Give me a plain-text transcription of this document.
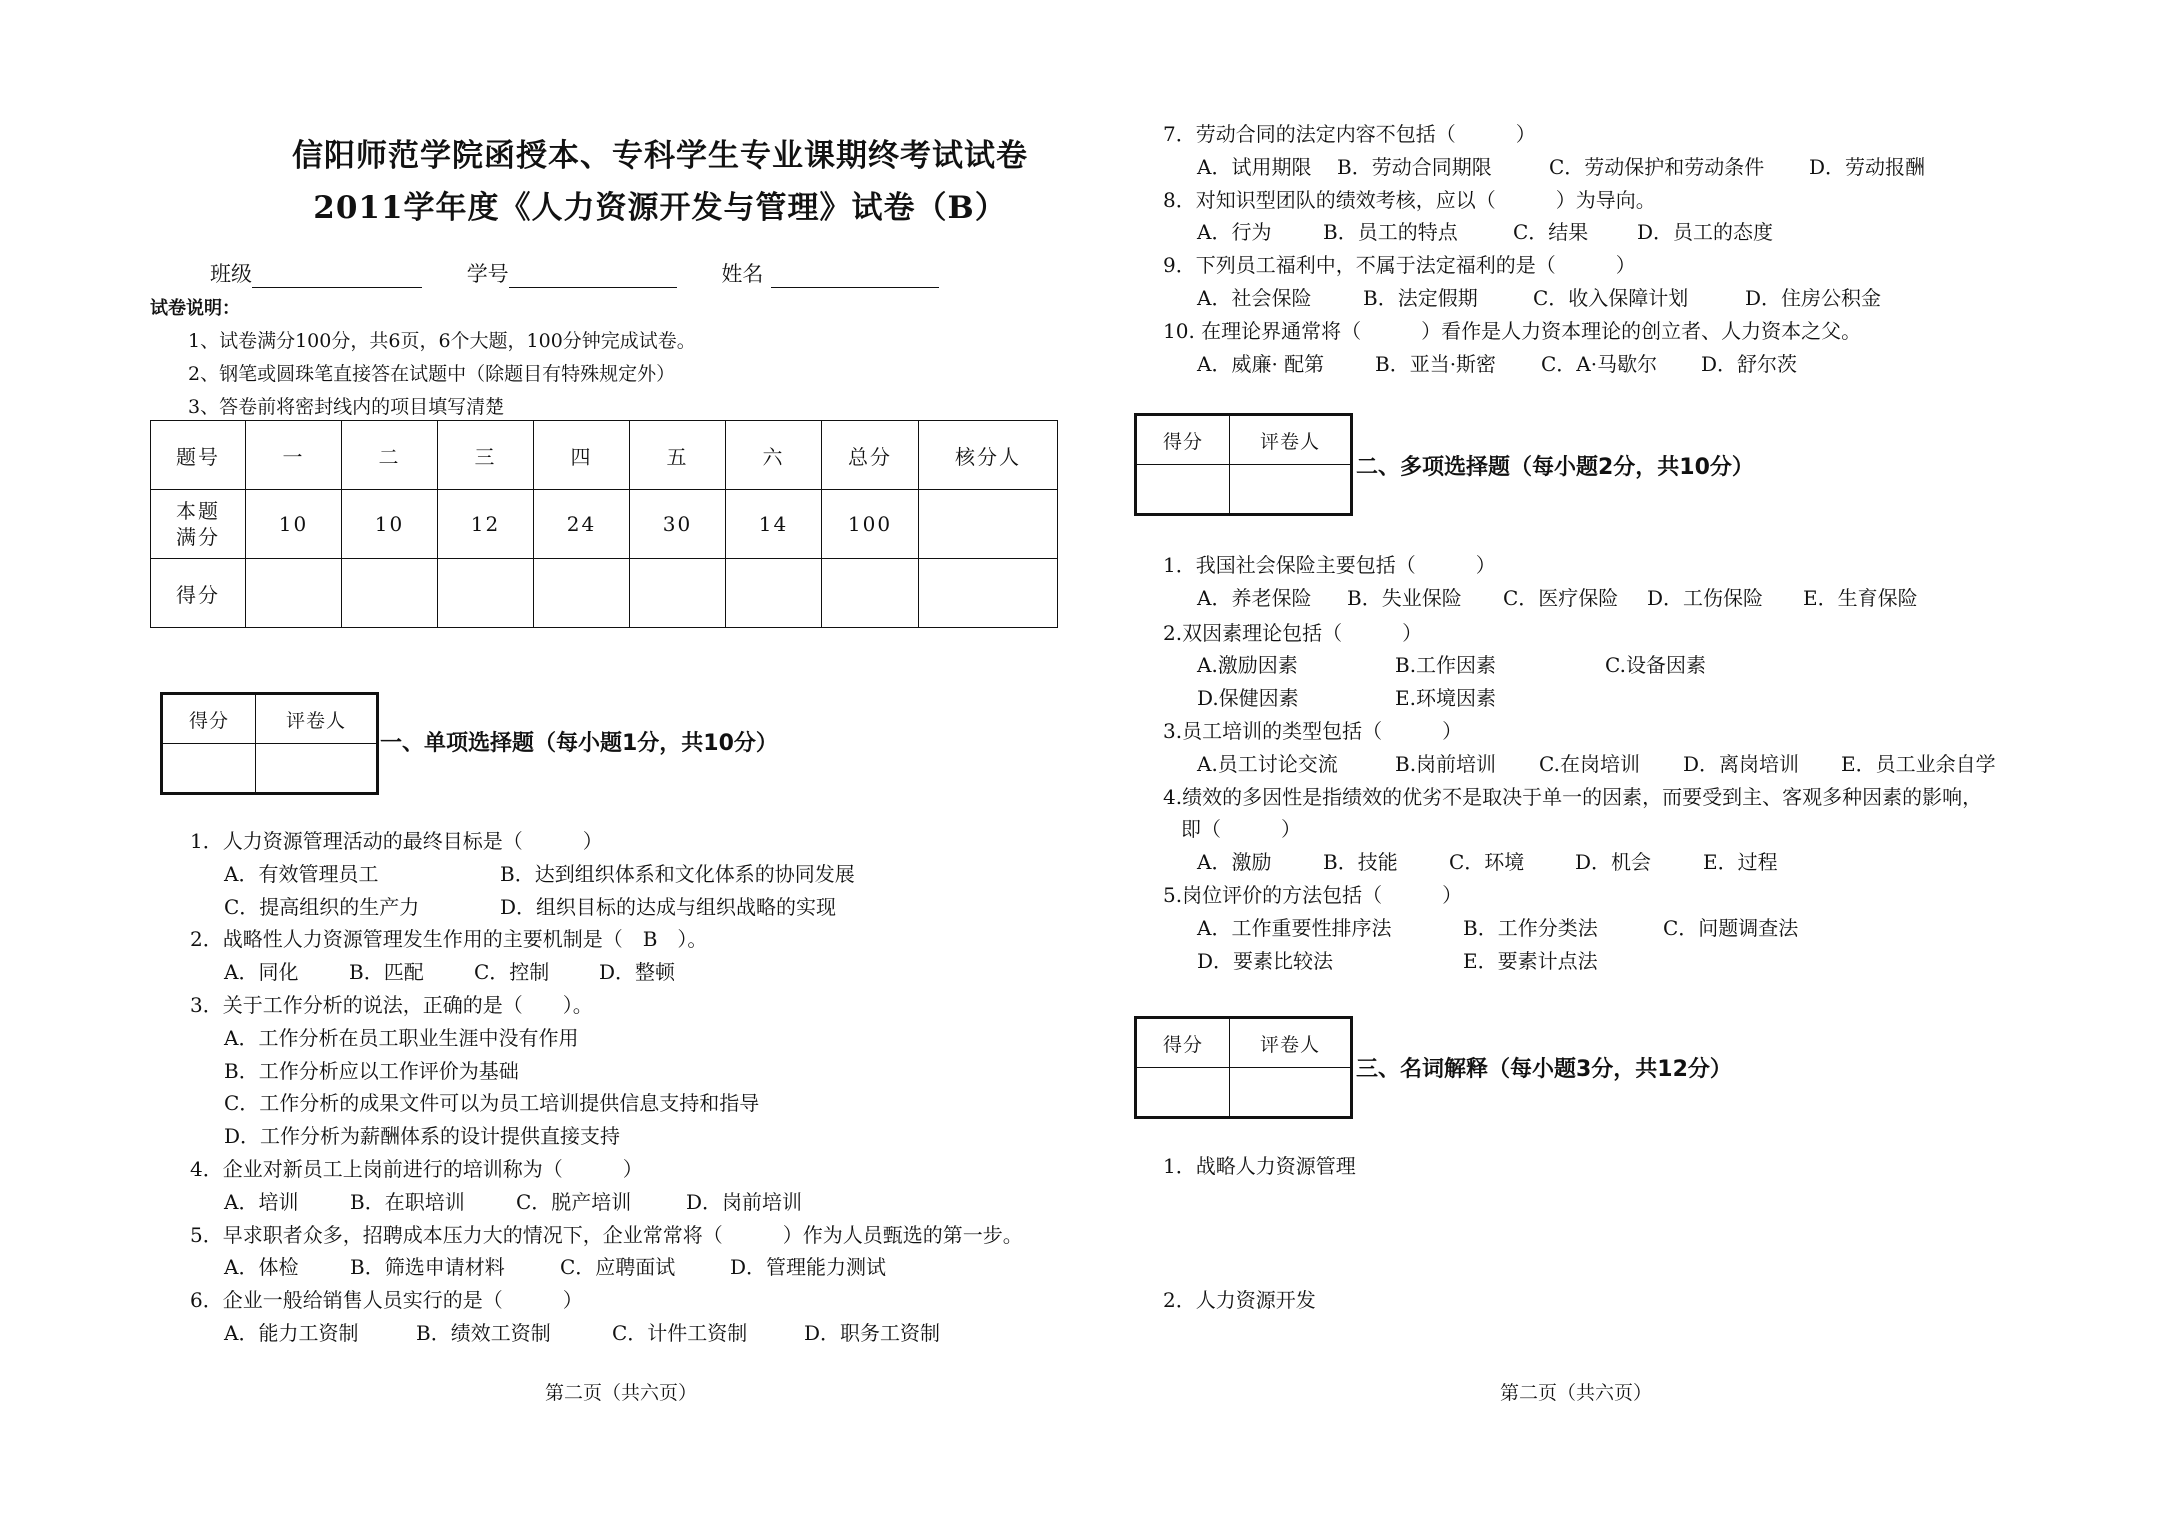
信阳师范学院函授本、专科学生专业课期终考试试卷
2011学年度《人力资源开发与管理》试卷（B）
班级	学号	姓名
试卷说明：
1、试卷满分100分，共6页，6个大题，100分钟完成试卷。
2、钢笔或圆珠笔直接答在试题中（除题目有特殊规定外）
3、答卷前将密封线内的项目填写清楚
题号	一	二	三	四	五	六	总分	核分人

本题满分	10	10	12	24	30	14	100	
得分								
得分	评卷人

一、单项选择题（每小题1分，共10分）
1．人力资源管理活动的最终目标是（　　　）
A．有效管理员工	B．达到组织体系和文化体系的协同发展
C．提高组织的生产力	D．组织目标的达成与组织战略的实现
2．战略性人力资源管理发生作用的主要机制是（　B　）。
A．同化	B．匹配	C．控制 D．整顿
3．关于工作分析的说法，正确的是（　　）。
A．工作分析在员工职业生涯中没有作用
B．工作分析应以工作评价为基础
C．工作分析的成果文件可以为员工培训提供信息支持和指导
D．工作分析为薪酬体系的设计提供直接支持
4．企业对新员工上岗前进行的培训称为（　　　）
A．培训	B．在职培训	C．脱产培训	D．岗前培训
5．早求职者众多，招聘成本压力大的情况下，企业常常将（　　　）作为人员甄选的第一步。
A．体检	B．筛选申请材料	C．应聘面试	D．管理能力测试
6．企业一般给销售人员实行的是（　　　）
A．能力工资制	B．绩效工资制	C．计件工资制	D．职务工资制
第二页（共六页）
7．劳动合同的法定内容不包括（　　　）
A．试用期限 B．劳动合同期限	C．劳动保护和劳动条件 D．劳动报酬
8．对知识型团队的绩效考核，应以（　　　）为导向。
A．行为	B．员工的特点	C．结果 D．员工的态度
9．下列员工福利中，不属于法定福利的是（　　　）
A．社会保险	B．法定假期	C．收入保障计划	D．住房公积金
10. 在理论界通常将（　　　）看作是人力资本理论的创立者、人力资本之父。
A．威廉· 配第	B．亚当·斯密 C．A·马歇尔 D．舒尔茨
得分	评卷人

二、多项选择题（每小题2分，共10分）
1．我国社会保险主要包括（　　　）
A．养老保险 B．失业保险 C．医疗保险 D．工伤保险 E．生育保险
2.双因素理论包括（　　　）
A.激励因素	B.工作因素	C.设备因素
D.保健因素	E.环境因素
3.员工培训的类型包括（　　　）
A.员工讨论交流	B.岗前培训 C.在岗培训 D．离岗培训 E．员工业余自学
4.绩效的多因性是指绩效的优劣不是取决于单一的因素，而要受到主、客观多种因素的影响，
即（　　　）
A．激励	B．技能	C．环境	D．机会	E．过程
5.岗位评价的方法包括（　　　）
A．工作重要性排序法	B．工作分类法	C．问题调查法
D．要素比较法	E．要素计点法
得分	评卷人

三、名词解释（每小题3分，共12分）
1．战略人力资源管理
2．人力资源开发
第二页（共六页）
